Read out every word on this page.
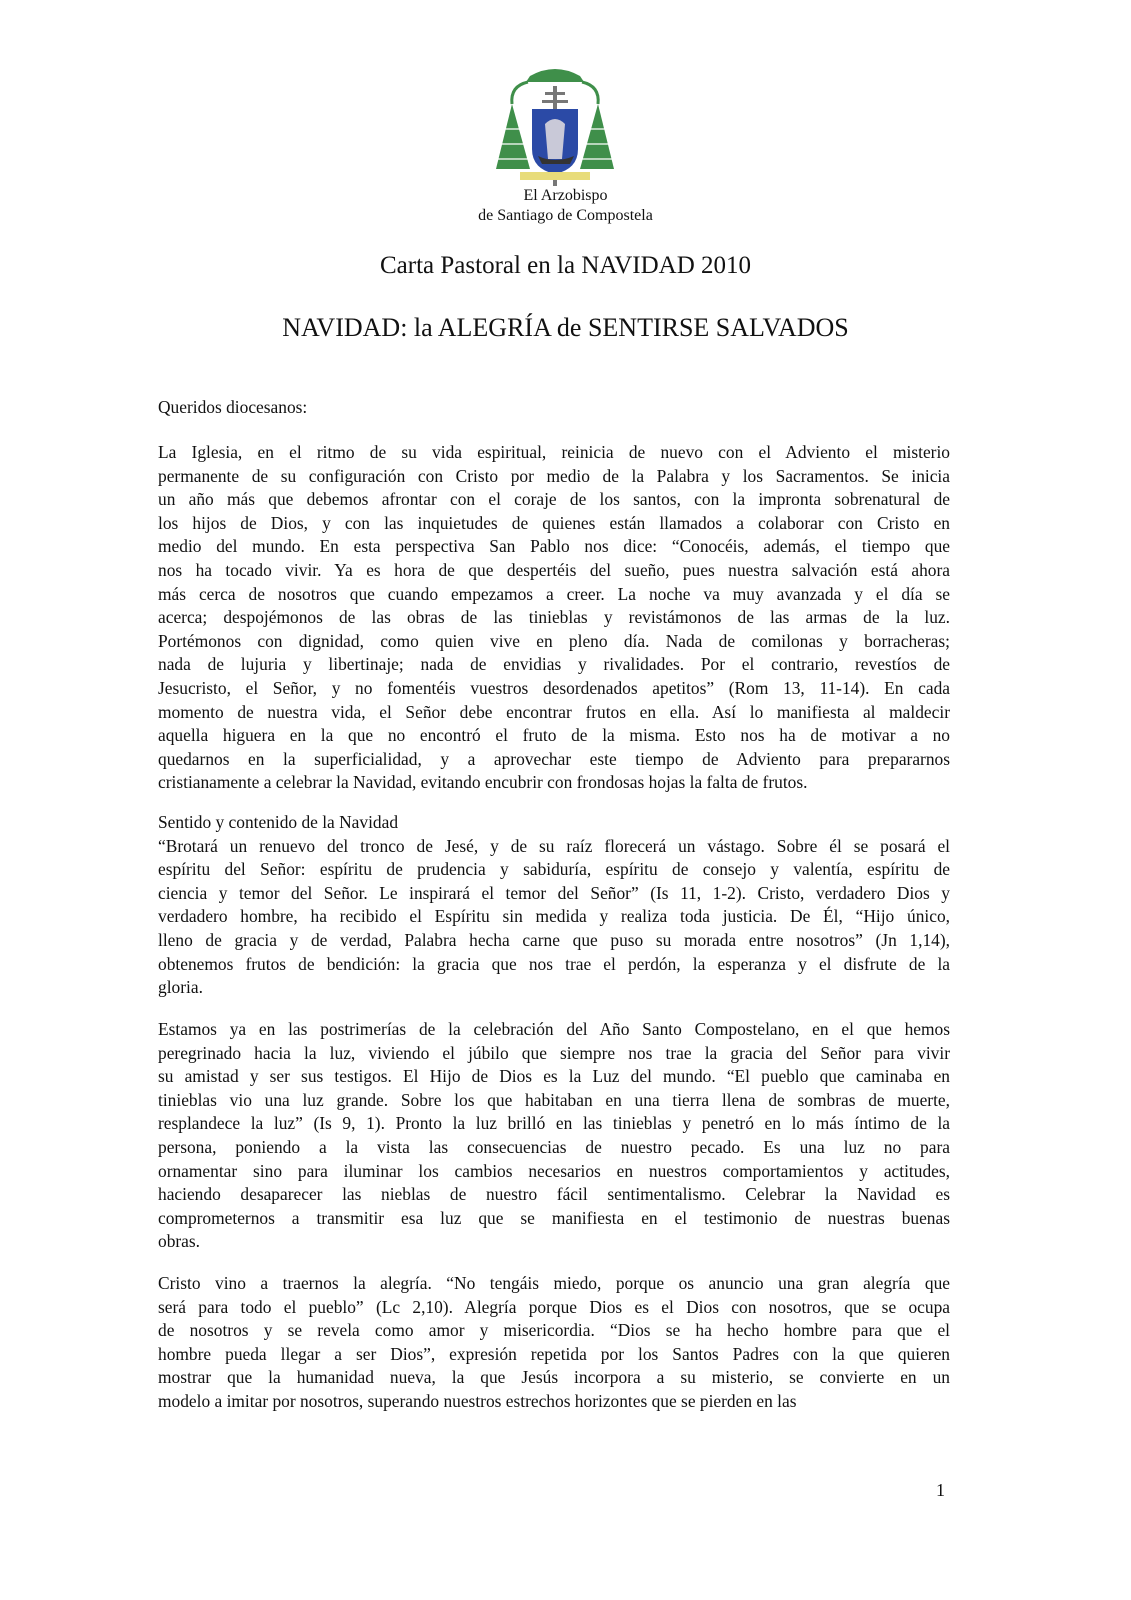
El Arzobispo
de Santiago de Compostela
Carta Pastoral en la NAVIDAD 2010
NAVIDAD: la ALEGRÍA de SENTIRSE SALVADOS
Queridos diocesanos:
La Iglesia, en el ritmo de su vida espiritual, reinicia de nuevo con el Adviento el misterio
permanente de su configuración con Cristo por medio de la Palabra y los Sacramentos. Se inicia
un año más que debemos afrontar con el coraje de los santos, con la impronta sobrenatural de
los hijos de Dios, y con las inquietudes de quienes están llamados a colaborar con Cristo en
medio del mundo. En esta perspectiva San Pablo nos dice: “Conocéis, además, el tiempo que
nos ha tocado vivir. Ya es hora de que despertéis del sueño, pues nuestra salvación está ahora
más cerca de nosotros que cuando empezamos a creer. La noche va muy avanzada y el día se
acerca; despojémonos de las obras de las tinieblas y revistámonos de las armas de la luz.
Portémonos con dignidad, como quien vive en pleno día. Nada de comilonas y borracheras;
nada de lujuria y libertinaje; nada de envidias y rivalidades. Por el contrario, revestíos de
Jesucristo, el Señor, y no fomentéis vuestros desordenados apetitos” (Rom 13, 11-14). En cada
momento de nuestra vida, el Señor debe encontrar frutos en ella. Así lo manifiesta al maldecir
aquella higuera en la que no encontró el fruto de la misma. Esto nos ha de motivar a no
quedarnos en la superficialidad, y a aprovechar este tiempo de Adviento para prepararnos
cristianamente a celebrar la Navidad, evitando encubrir con frondosas hojas la falta de frutos.
Sentido y contenido de la Navidad
“Brotará un renuevo del tronco de Jesé, y de su raíz florecerá un vástago. Sobre él se posará el
espíritu del Señor: espíritu de prudencia y sabiduría, espíritu de consejo y valentía, espíritu de
ciencia y temor del Señor. Le inspirará el temor del Señor” (Is 11, 1-2). Cristo, verdadero Dios y
verdadero hombre, ha recibido el Espíritu sin medida y realiza toda justicia. De Él, “Hijo único,
lleno de gracia y de verdad, Palabra hecha carne que puso su morada entre nosotros” (Jn 1,14),
obtenemos frutos de bendición: la gracia que nos trae el perdón, la esperanza y el disfrute de la
gloria.
Estamos ya en las postrimerías de la celebración del Año Santo Compostelano, en el que hemos
peregrinado hacia la luz, viviendo el júbilo que siempre nos trae la gracia del Señor para vivir
su amistad y ser sus testigos. El Hijo de Dios es la Luz del mundo. “El pueblo que caminaba en
tinieblas vio una luz grande. Sobre los que habitaban en una tierra llena de sombras de muerte,
resplandece la luz” (Is 9, 1). Pronto la luz brilló en las tinieblas y penetró en lo más íntimo de la
persona, poniendo a la vista las consecuencias de nuestro pecado. Es una luz no para
ornamentar sino para iluminar los cambios necesarios en nuestros comportamientos y actitudes,
haciendo desaparecer las nieblas de nuestro fácil sentimentalismo. Celebrar la Navidad es
comprometernos a transmitir esa luz que se manifiesta en el testimonio de nuestras buenas
obras.
Cristo vino a traernos la alegría. “No tengáis miedo, porque os anuncio una gran alegría que
será para todo el pueblo” (Lc 2,10). Alegría porque Dios es el Dios con nosotros, que se ocupa
de nosotros y se revela como amor y misericordia. “Dios se ha hecho hombre para que el
hombre pueda llegar a ser Dios”, expresión repetida por los Santos Padres con la que quieren
mostrar que la humanidad nueva, la que Jesús incorpora a su misterio, se convierte en un
modelo a imitar por nosotros, superando nuestros estrechos horizontes que se pierden en las
1
